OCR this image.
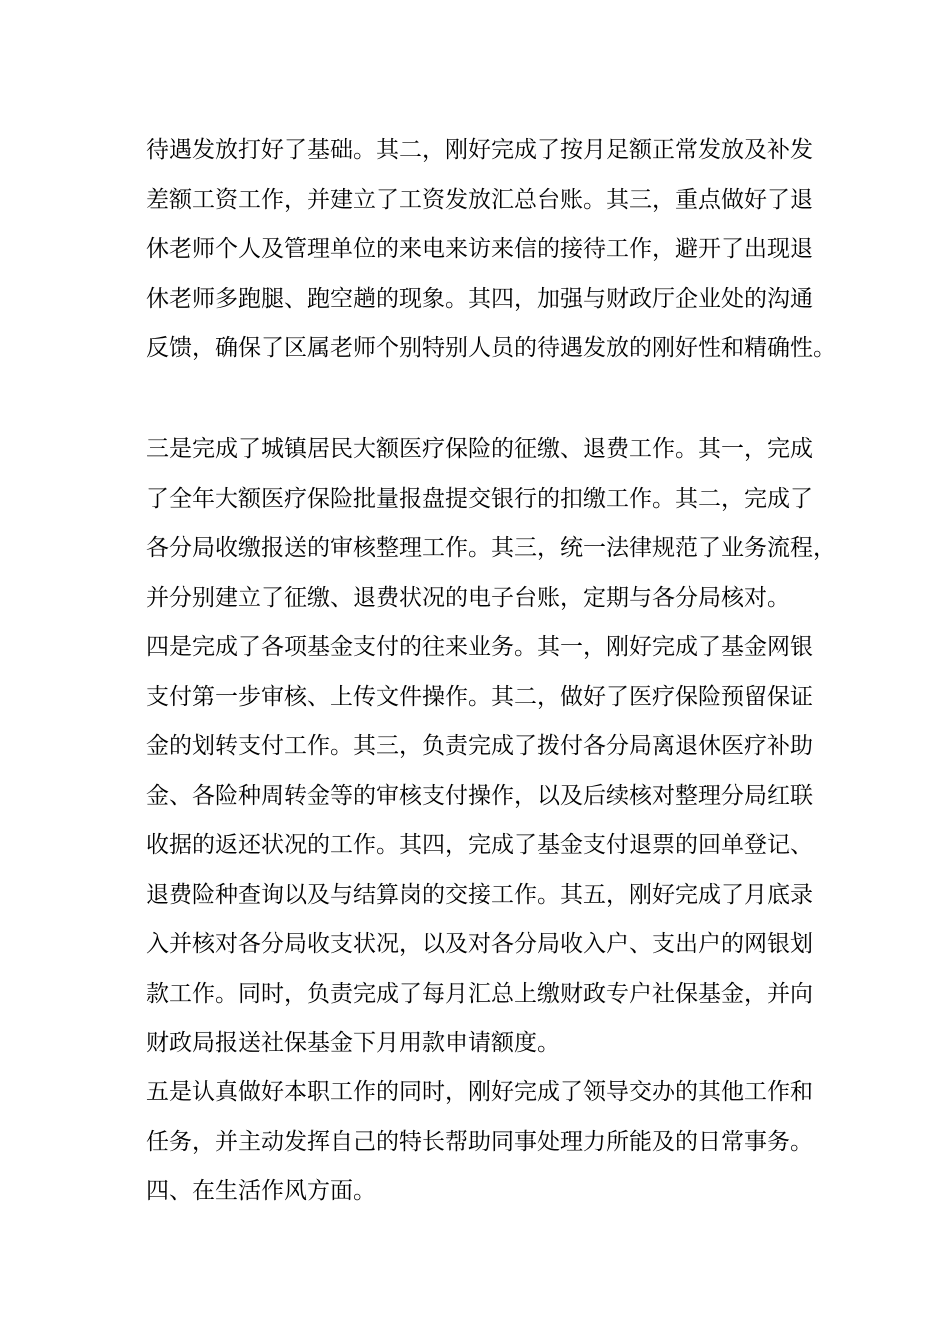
待遇发放打好了基础。其二，刚好完成了按月足额正常发放及补发
差额工资工作，并建立了工资发放汇总台账。其三，重点做好了退
休老师个人及管理单位的来电来访来信的接待工作，避开了出现退
休老师多跑腿、跑空趟的现象。其四，加强与财政厅企业处的沟通
反馈，确保了区属老师个别特别人员的待遇发放的刚好性和精确性。
三是完成了城镇居民大额医疗保险的征缴、退费工作。其一，完成
了全年大额医疗保险批量报盘提交银行的扣缴工作。其二，完成了
各分局收缴报送的审核整理工作。其三，统一法律规范了业务流程，
并分别建立了征缴、退费状况的电子台账，定期与各分局核对。
四是完成了各项基金支付的往来业务。其一，刚好完成了基金网银
支付第一步审核、上传文件操作。其二，做好了医疗保险预留保证
金的划转支付工作。其三，负责完成了拨付各分局离退休医疗补助
金、各险种周转金等的审核支付操作，以及后续核对整理分局红联
收据的返还状况的工作。其四，完成了基金支付退票的回单登记、
退费险种查询以及与结算岗的交接工作。其五，刚好完成了月底录
入并核对各分局收支状况，以及对各分局收入户、支出户的网银划
款工作。同时，负责完成了每月汇总上缴财政专户社保基金，并向
财政局报送社保基金下月用款申请额度。
五是认真做好本职工作的同时，刚好完成了领导交办的其他工作和
任务，并主动发挥自己的特长帮助同事处理力所能及的日常事务。
四、在生活作风方面。
